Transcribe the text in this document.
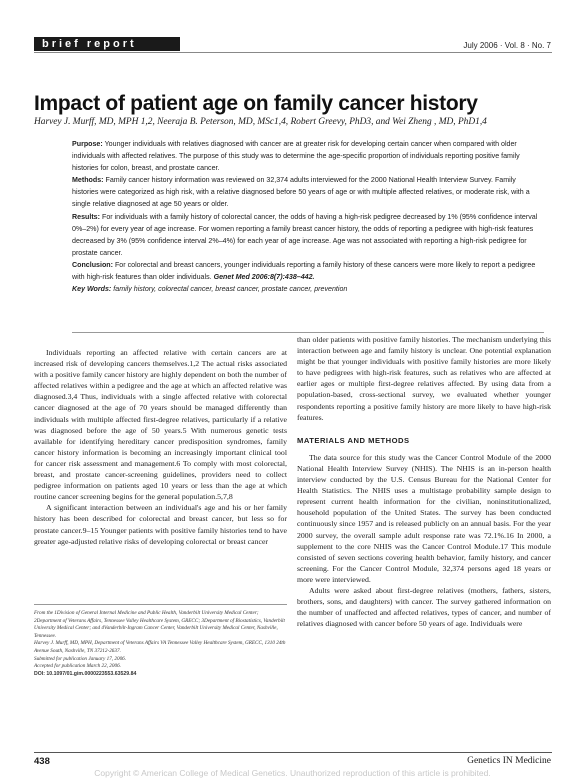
brief report	July 2006 · Vol. 8 · No. 7
Impact of patient age on family cancer history
Harvey J. Murff, MD, MPH 1,2, Neeraja B. Peterson, MD, MSc1,4, Robert Greevy, PhD3, and Wei Zheng , MD, PhD1,4

Purpose: Younger individuals with relatives diagnosed with cancer are at greater risk for developing certain cancer when compared with older individuals with affected relatives. The purpose of this study was to determine the age-specific proportion of individuals reporting positive family histories for colon, breast, and prostate cancer.

Methods: Family cancer history information was reviewed on 32,374 adults interviewed for the 2000 National Health Interview Survey. Family histories were categorized as high risk, with a relative diagnosed before 50 years of age or with multiple affected relatives, or moderate risk, with a single relative diagnosed at age 50 years or older.

Results: For individuals with a family history of colorectal cancer, the odds of having a high-risk pedigree decreased by 1% (95% confidence interval 0%–2%) for every year of age increase. For women reporting a family breast cancer history, the odds of reporting a pedigree with high-risk features decreased by 3% (95% confidence interval 2%–4%) for each year of age increase. Age was not associated with reporting a high-risk pedigree for prostate cancer.

Conclusion: For colorectal and breast cancers, younger individuals reporting a family history of these cancers were more likely to report a pedigree with high-risk features than older individuals. Genet Med 2006:8(7):438–442.

Key Words: family history, colorectal cancer, breast cancer, prostate cancer, prevention

Individuals reporting an affected relative with certain cancers are at increased risk of developing cancers themselves.1,2 The actual risks associated with a positive family cancer history are highly dependent on both the number of affected relatives within a pedigree and the age at which an affected relative was diagnosed.3,4 Thus, individuals with a single affected relative with colorectal cancer diagnosed at the age of 70 years should be managed differently than individuals with multiple affected first-degree relatives, particularly if a relative was diagnosed before the age of 50 years.5 With numerous genetic tests available for identifying hereditary cancer predisposition syndromes, family cancer history information is becoming an increasingly important clinical tool for cancer risk assessment and management.6 To comply with most colorectal, breast, and prostate cancer-screening guidelines, providers need to collect pedigree information on patients aged 10 years or less than the age at which routine cancer screening begins for the general population.5,7,8

A significant interaction between an individual's age and his or her family history has been described for colorectal and breast cancer, but less so for prostate cancer.9–15 Younger patients with positive family histories tend to have greater age-adjusted relative risks of developing colorectal or breast cancer

than older patients with positive family histories. The mechanism underlying this interaction between age and family history is unclear. One potential explanation might be that younger individuals with positive family histories are more likely to have pedigrees with high-risk features, such as relatives who are affected at earlier ages or multiple first-degree relatives affected. By using data from a population-based, cross-sectional survey, we evaluated whether younger respondents reporting a positive family history are more likely to have high-risk features.

MATERIALS AND METHODS

The data source for this study was the Cancer Control Module of the 2000 National Health Interview Survey (NHIS). The NHIS is an in-person health interview conducted by the U.S. Census Bureau for the National Center for Health Statistics. The NHIS uses a multistage probability sample design to represent current health information for the civilian, noninstitutionalized, household population of the United States. The survey has been conducted continuously since 1957 and is released publicly on an annual basis. For the year 2000 survey, the overall sample adult response rate was 72.1%.16 In 2000, a supplement to the core NHIS was the Cancer Control Module.17 This module consisted of seven sections covering health behavior, family history, and cancer screening. For the Cancer Control Module, 32,374 persons aged 18 years or more were interviewed.

Adults were asked about first-degree relatives (mothers, fathers, sisters, brothers, sons, and daughters) with cancer. The survey gathered information on the number of unaffected and affected relatives, types of cancer, and number of relatives diagnosed with cancer before 50 years of age. Individuals were

From the 1Division of General Internal Medicine and Public Health, Vanderbilt University Medical Center; 2Department of Veterans Affairs, Tennessee Valley Healthcare System, GRECC; 3Department of Biostatistics, Vanderbilt University Medical Center; and 4Vanderbilt-Ingram Cancer Center, Vanderbilt University Medical Center, Nashville, Tennessee.

Harvey J. Murff, MD, MPH, Department of Veterans Affairs VA Tennessee Valley Healthcare System, GRECC, 1310 24th Avenue South, Nashville, TN 37212-2637.

Submitted for publication January 17, 2006.

Accepted for publication March 22, 2006.

DOI: 10.1097/01.gim.0000223553.63529.84

438	Genetics IN Medicine
Copyright © American College of Medical Genetics. Unauthorized reproduction of this article is prohibited.
